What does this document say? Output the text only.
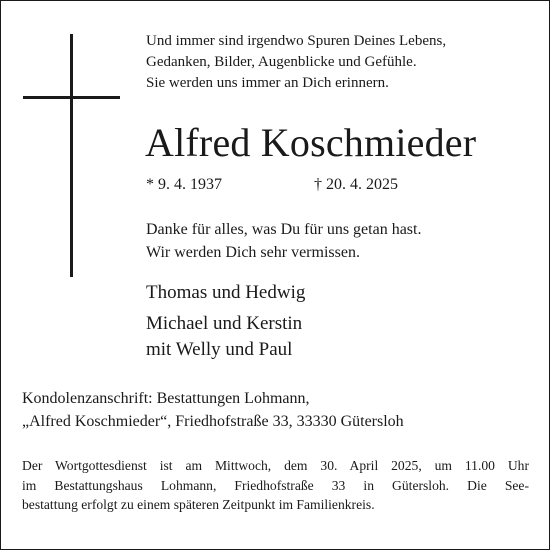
Und immer sind irgendwo Spuren Deines Lebens,
Gedanken, Bilder, Augenblicke und Gefühle.
Sie werden uns immer an Dich erinnern.
Alfred Koschmieder
* 9. 4. 1937	† 20. 4. 2025
Danke für alles, was Du für uns getan hast.
Wir werden Dich sehr vermissen.
Thomas und Hedwig
Michael und Kerstin
mit Welly und Paul
Kondolenzanschrift: Bestattungen Lohmann,
„Alfred Koschmieder“, Friedhofstraße 33, 33330 Gütersloh
Der Wortgottesdienst ist am Mittwoch, dem 30. April 2025, um 11.00 Uhr
im Bestattungshaus Lohmann, Friedhofstraße 33 in Gütersloh. Die See-
bestattung erfolgt zu einem späteren Zeitpunkt im Familienkreis.
